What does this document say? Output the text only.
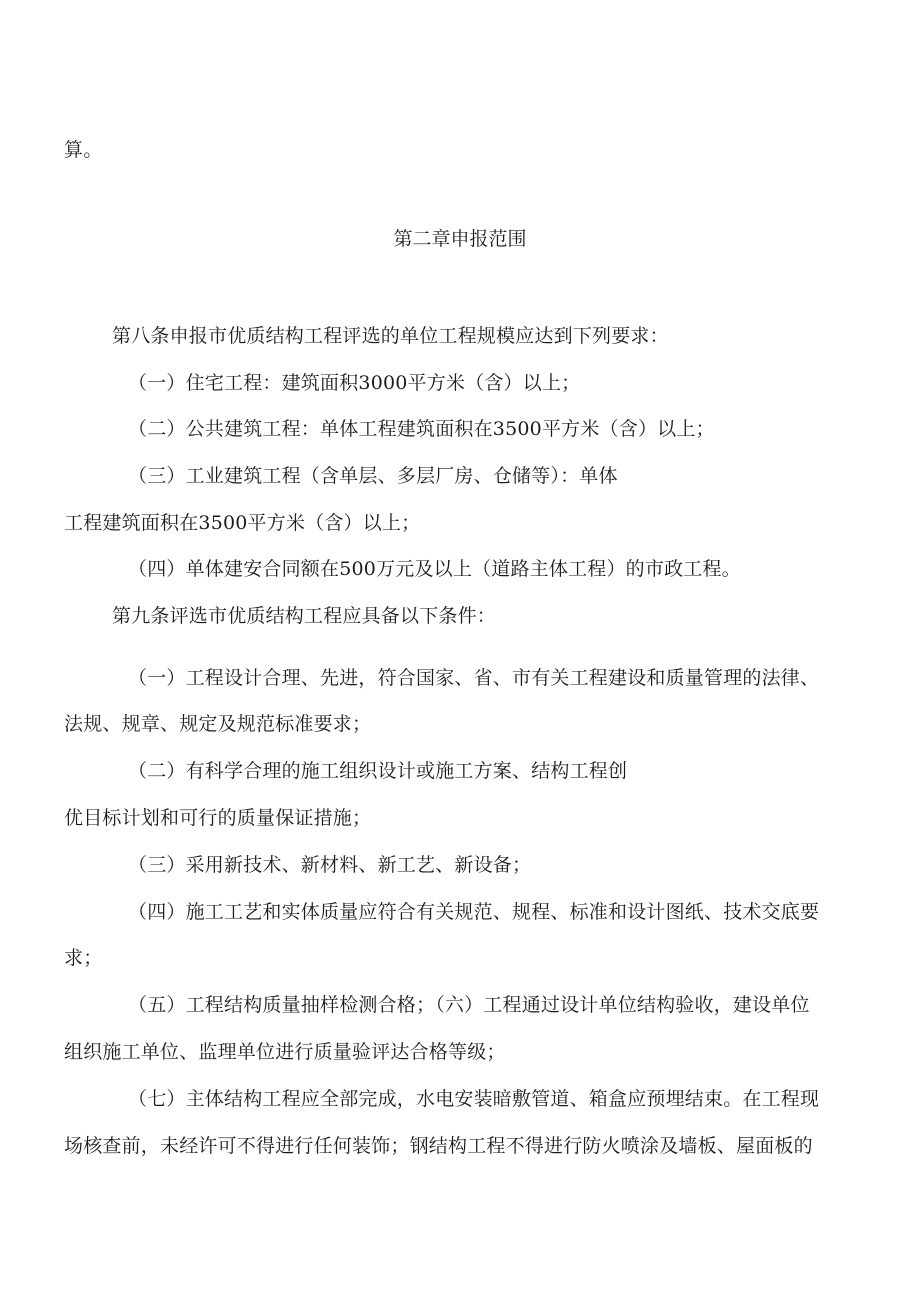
算。
第二章申报范围
第八条申报市优质结构工程评选的单位工程规模应达到下列要求：
（一）住宅工程：建筑面积3000平方米（含）以上；
（二）公共建筑工程：单体工程建筑面积在3500平方米（含）以上；
（三）工业建筑工程（含单层、多层厂房、仓储等）：单体
工程建筑面积在3500平方米（含）以上；
（四）单体建安合同额在500万元及以上（道路主体工程）的市政工程。
第九条评选市优质结构工程应具备以下条件：
（一）工程设计合理、先进，符合国家、省、市有关工程建设和质量管理的法律、
法规、规章、规定及规范标准要求；
（二）有科学合理的施工组织设计或施工方案、结构工程创
优目标计划和可行的质量保证措施；
（三）采用新技术、新材料、新工艺、新设备；
（四）施工工艺和实体质量应符合有关规范、规程、标准和设计图纸、技术交底要
求；
（五）工程结构质量抽样检测合格；（六）工程通过设计单位结构验收，建设单位
组织施工单位、监理单位进行质量验评达合格等级；
（七）主体结构工程应全部完成，水电安装暗敷管道、箱盒应预埋结束。在工程现
场核查前，未经许可不得进行任何装饰；钢结构工程不得进行防火喷涂及墙板、屋面板的
